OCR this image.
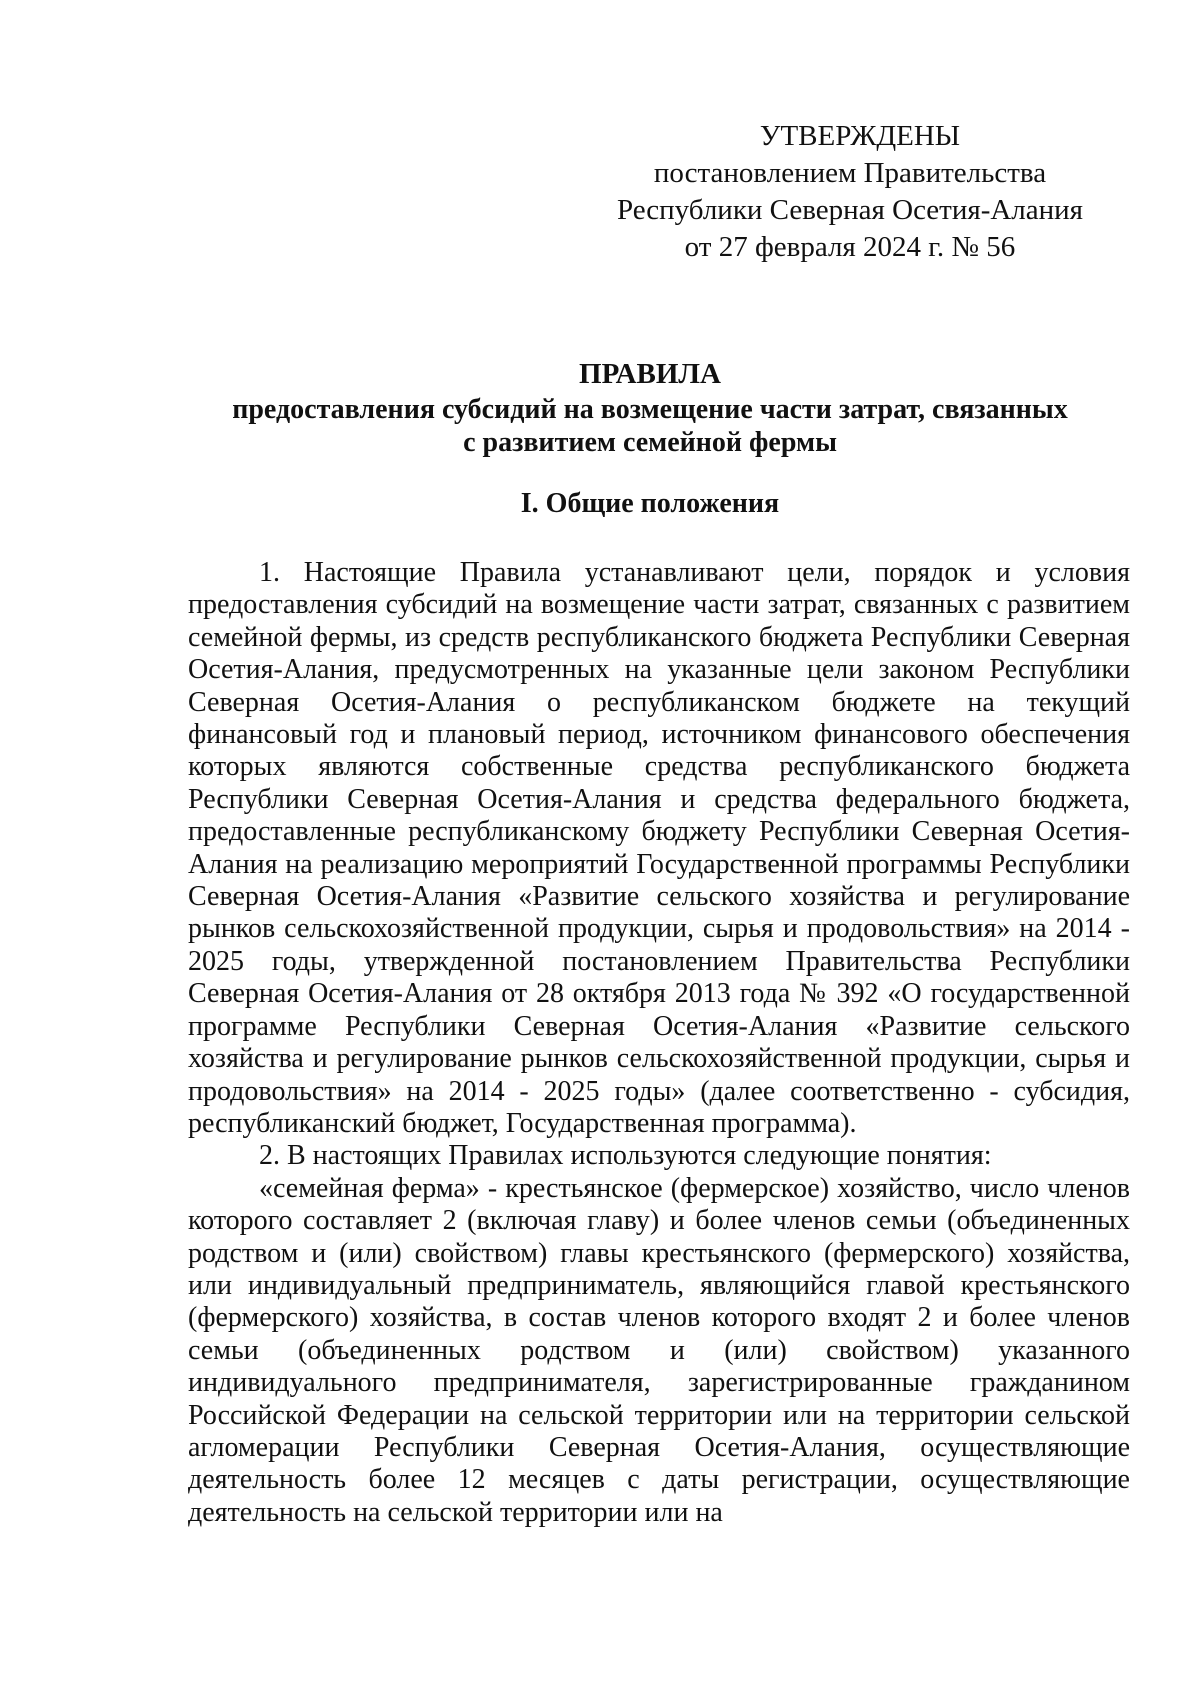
УТВЕРЖДЕНЫ
постановлением Правительства
Республики Северная Осетия-Алания
от 27 февраля 2024 г. № 56
ПРАВИЛА
предоставления субсидий на возмещение части затрат, связанных
с развитием семейной фермы
I. Общие положения

1. Настоящие Правила устанавливают цели, порядок и условия предоставления субсидий на возмещение части затрат, связанных с развитием семейной фермы, из средств республиканского бюджета Республики Северная Осетия-Алания, предусмотренных на указанные цели законом Республики Северная Осетия-Алания о республиканском бюджете на текущий финансовый год и плановый период, источником финансового обеспечения которых являются собственные средства республиканского бюджета Республики Северная Осетия-Алания и средства федерального бюджета, предоставленные республиканскому бюджету Республики Северная Осетия-Алания на реализацию мероприятий Государственной программы Республики Северная Осетия-Алания «Развитие сельского хозяйства и регулирование рынков сельскохозяйственной продукции, сырья и продовольствия» на 2014 - 2025 годы, утвержденной постановлением Правительства Республики Северная Осетия-Алания от 28 октября 2013 года № 392 «О государственной программе Республики Северная Осетия-Алания «Развитие сельского хозяйства и регулирование рынков сельскохозяйственной продукции, сырья и продовольствия» на 2014 - 2025 годы» (далее соответственно - субсидия, республиканский бюджет, Государственная программа).

2. В настоящих Правилах используются следующие понятия:

«семейная ферма» - крестьянское (фермерское) хозяйство, число членов которого составляет 2 (включая главу) и более членов семьи (объединенных родством и (или) свойством) главы крестьянского (фермерского) хозяйства, или индивидуальный предприниматель, являющийся главой крестьянского (фермерского) хозяйства, в состав членов которого входят 2 и более членов семьи (объединенных родством и (или) свойством) указанного индивидуального предпринимателя, зарегистрированные гражданином Российской Федерации на сельской территории или на территории сельской агломерации Республики Северная Осетия-Алания, осуществляющие деятельность более 12 месяцев с даты регистрации, осуществляющие деятельность на сельской территории или на
